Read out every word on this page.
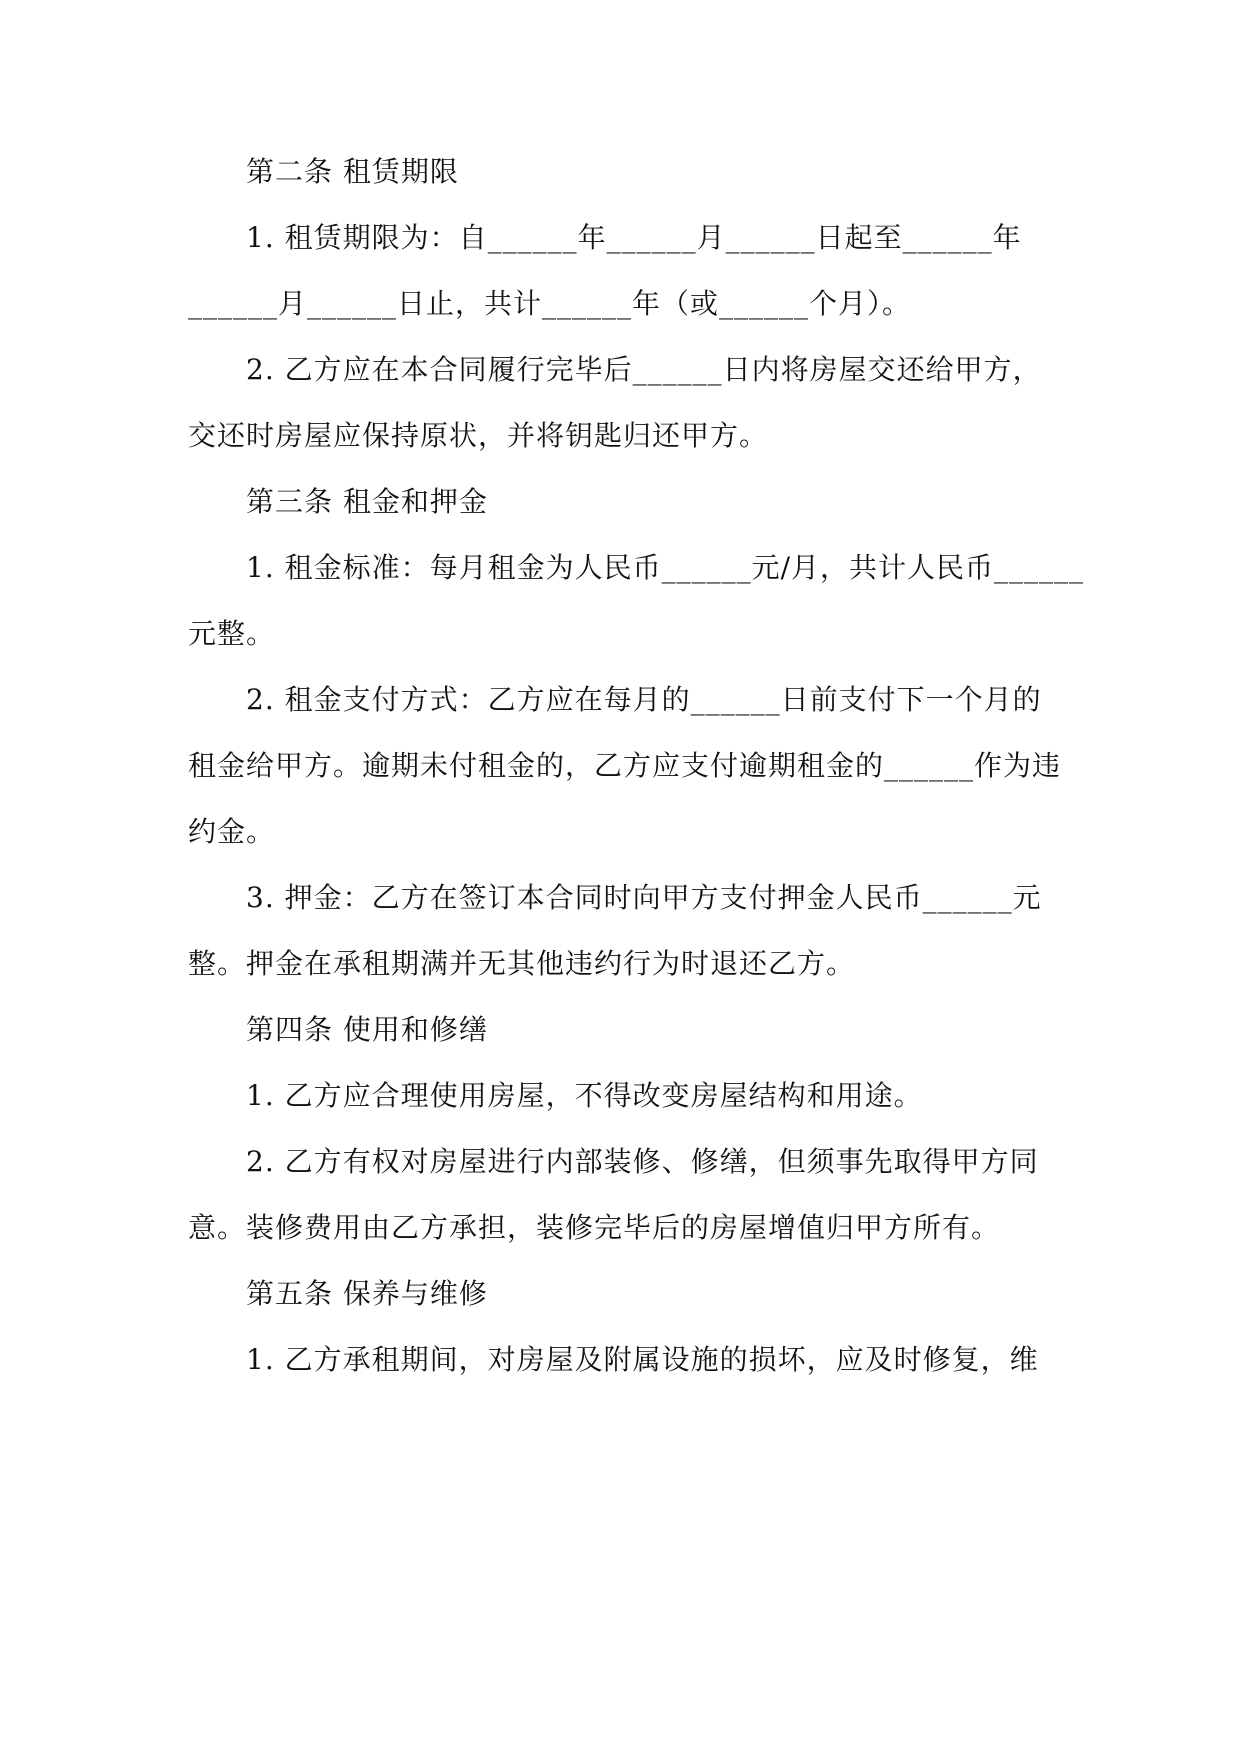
第二条 租赁期限
1. 租赁期限为：自______年______月______日起至______年
______月______日止，共计______年（或______个月）。
2. 乙方应在本合同履行完毕后______日内将房屋交还给甲方，
交还时房屋应保持原状，并将钥匙归还甲方。
第三条 租金和押金
1. 租金标准：每月租金为人民币______元/月，共计人民币______
元整。
2. 租金支付方式：乙方应在每月的______日前支付下一个月的
租金给甲方。逾期未付租金的，乙方应支付逾期租金的______作为违
约金。
3. 押金：乙方在签订本合同时向甲方支付押金人民币______元
整。押金在承租期满并无其他违约行为时退还乙方。
第四条 使用和修缮
1. 乙方应合理使用房屋，不得改变房屋结构和用途。
2. 乙方有权对房屋进行内部装修、修缮，但须事先取得甲方同
意。装修费用由乙方承担，装修完毕后的房屋增值归甲方所有。
第五条 保养与维修
1. 乙方承租期间，对房屋及附属设施的损坏，应及时修复，维
